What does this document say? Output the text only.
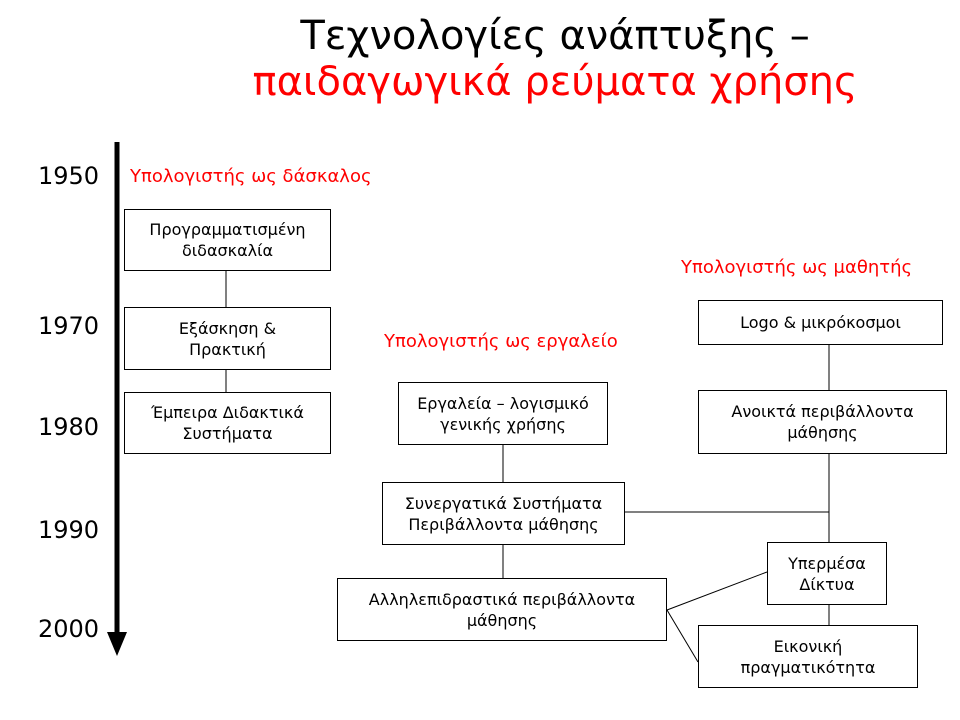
Τεχνολογίες ανάπτυξης –
παιδαγωγικά ρεύματα χρήσης
1950
1970
1980
1990
2000
Υπολογιστής ως δάσκαλος
Υπολογιστής ως εργαλείο
Υπολογιστής ως μαθητής
Προγραμματισμένη
διδασκαλία
Εξάσκηση &
Πρακτική
Έμπειρα Διδακτικά
Συστήματα
Εργαλεία – λογισμικό
γενικής χρήσης
Συνεργατικά Συστήματα
Περιβάλλοντα μάθησης
Αλληλεπιδραστικά περιβάλλοντα
μάθησης
Logo & μικρόκοσμοι
Ανοικτά περιβάλλοντα
μάθησης
Υπερμέσα
Δίκτυα
Εικονική
πραγματικότητα
